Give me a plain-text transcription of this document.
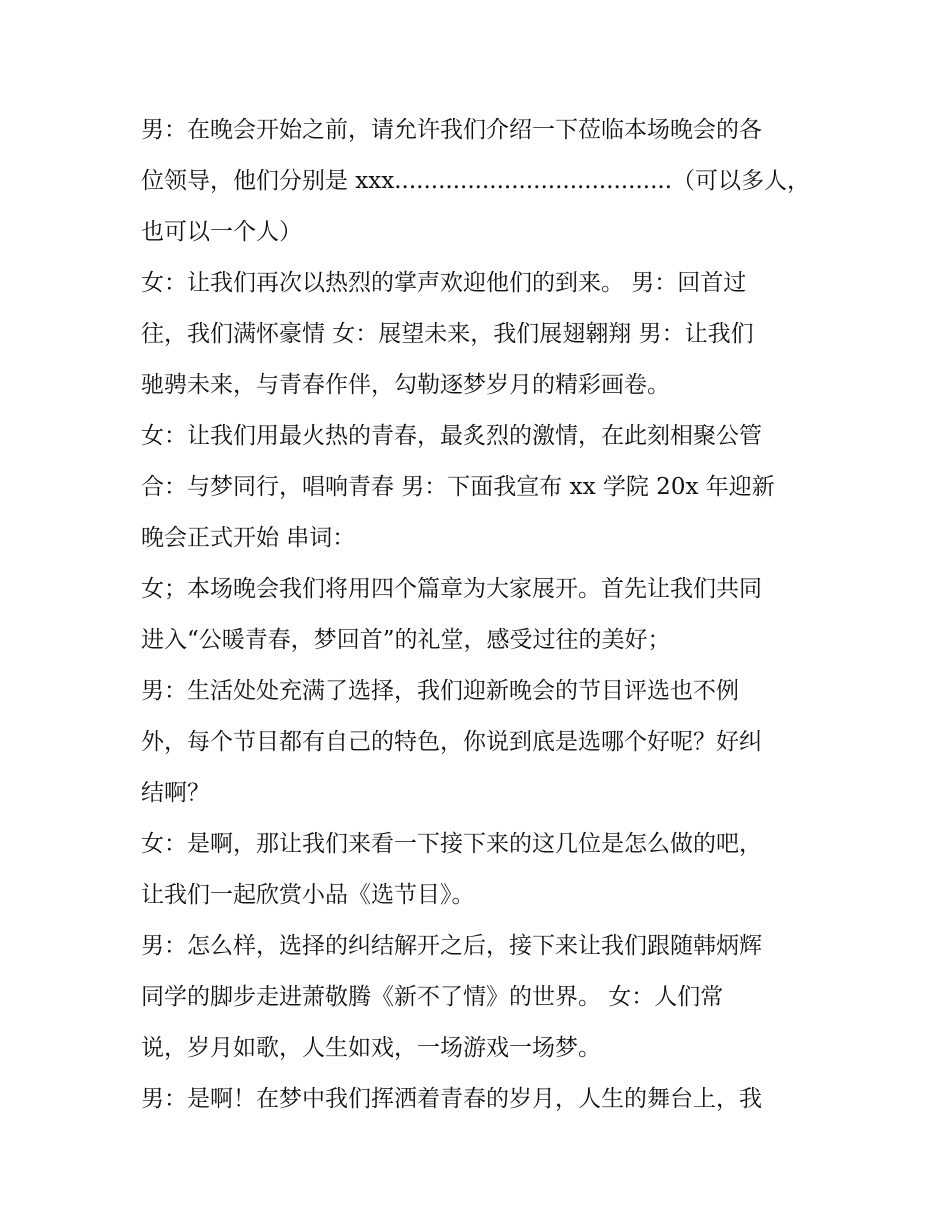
男：在晚会开始之前，请允许我们介绍一下莅临本场晚会的各
位领导，他们分别是 xxx......................................（可以多人，
也可以一个人）
女：让我们再次以热烈的掌声欢迎他们的到来。 男：回首过
往，我们满怀豪情 女：展望未来，我们展翅翱翔 男：让我们
驰骋未来，与青春作伴，勾勒逐梦岁月的精彩画卷。
女：让我们用最火热的青春，最炙烈的激情，在此刻相聚公管
合：与梦同行，唱响青春 男：下面我宣布 xx 学院 20x 年迎新
晚会正式开始 串词：
女；本场晚会我们将用四个篇章为大家展开。首先让我们共同
进入“公暖青春，梦回首”的礼堂，感受过往的美好；
男：生活处处充满了选择，我们迎新晚会的节目评选也不例
外，每个节目都有自己的特色，你说到底是选哪个好呢？好纠
结啊？
女：是啊，那让我们来看一下接下来的这几位是怎么做的吧，
让我们一起欣赏小品《选节目》。
男：怎么样，选择的纠结解开之后，接下来让我们跟随韩炳辉
同学的脚步走进萧敬腾《新不了情》的世界。 女：人们常
说，岁月如歌，人生如戏，一场游戏一场梦。
男：是啊！在梦中我们挥洒着青春的岁月，人生的舞台上，我
